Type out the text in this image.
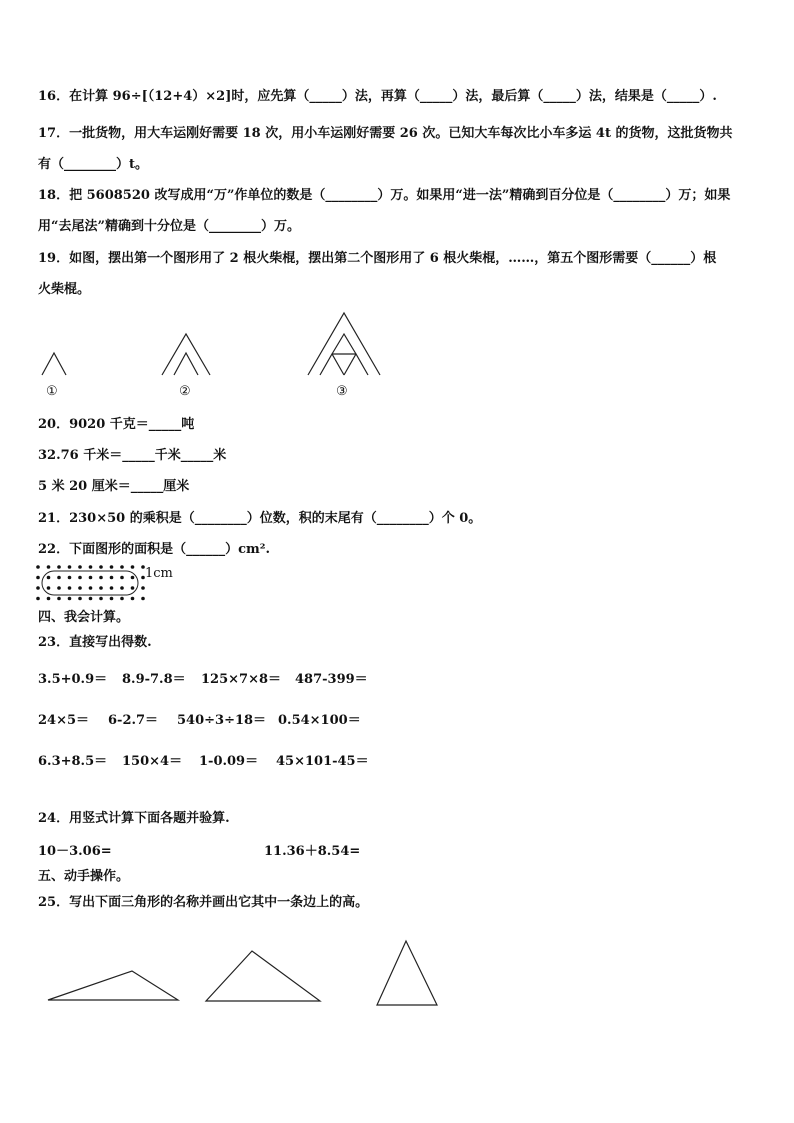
16．在计算 96÷[（12+4）×2]时，应先算（_____）法，再算（_____）法，最后算（_____）法，结果是（_____）.
17．一批货物，用大车运刚好需要 18 次，用小车运刚好需要 26 次。已知大车每次比小车多运 4t 的货物，这批货物共
有（________）t。
18．把 5608520 改写成用“万”作单位的数是（________）万。如果用“进一法”精确到百分位是（________）万；如果
用“去尾法”精确到十分位是（________）万。
19．如图，摆出第一个图形用了 2 根火柴棍，摆出第二个图形用了 6 根火柴棍，……，第五个图形需要（______）根
火柴棍。
①	②	③
20．9020 千克＝_____吨
32.76 千米＝_____千米_____米
5 米 20 厘米＝_____厘米
21．230×50 的乘积是（________）位数，积的末尾有（________）个 0。
22．下面图形的面积是（______）cm².
1cm
四、我会计算。
23．直接写出得数.
3.5+0.9＝ 8.9-7.8＝ 125×7×8＝ 487-399＝
24×5＝ 6-2.7＝ 540÷3÷18＝ 0.54×100＝
6.3+8.5＝ 150×4＝ 1-0.09＝ 45×101-45＝
24．用竖式计算下面各题并验算.
10－3.06=	11.36＋8.54=
五、动手操作。
25．写出下面三角形的名称并画出它其中一条边上的高。
